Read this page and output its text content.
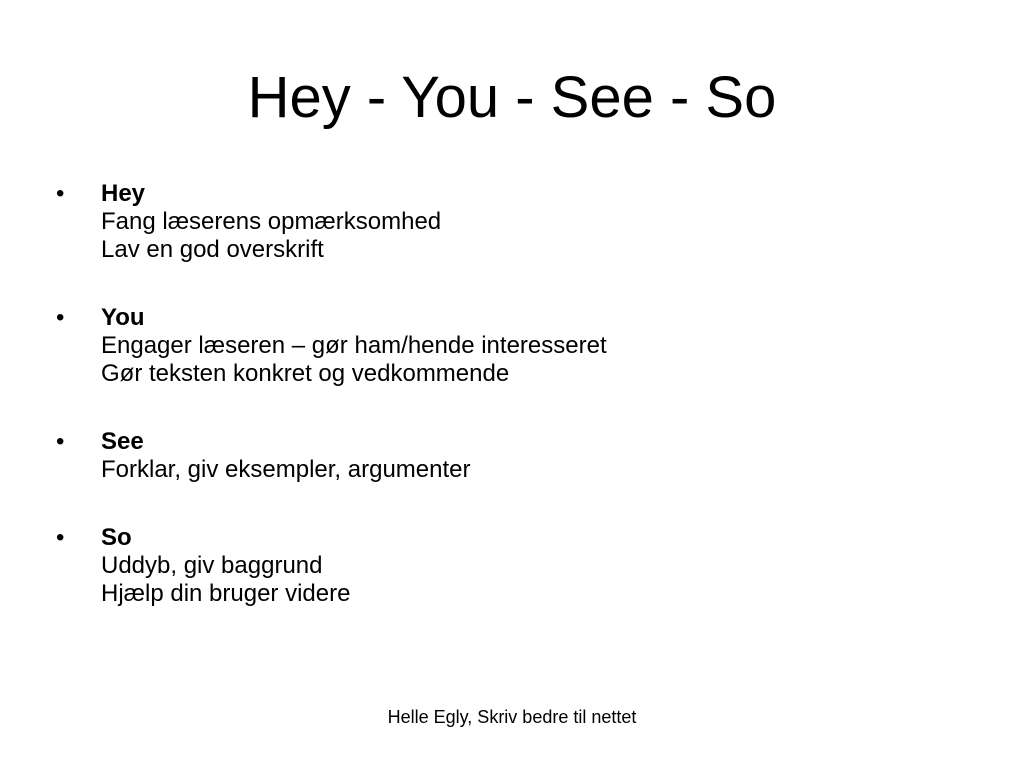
Hey - You - See - So
•	Hey
Fang læserens opmærksomhed
Lav en god overskrift
•	You
Engager læseren – gør ham/hende interesseret
Gør teksten konkret og vedkommende
•	See
Forklar, giv eksempler, argumenter
•	So
Uddyb, giv baggrund
Hjælp din bruger videre
Helle Egly, Skriv bedre til nettet
